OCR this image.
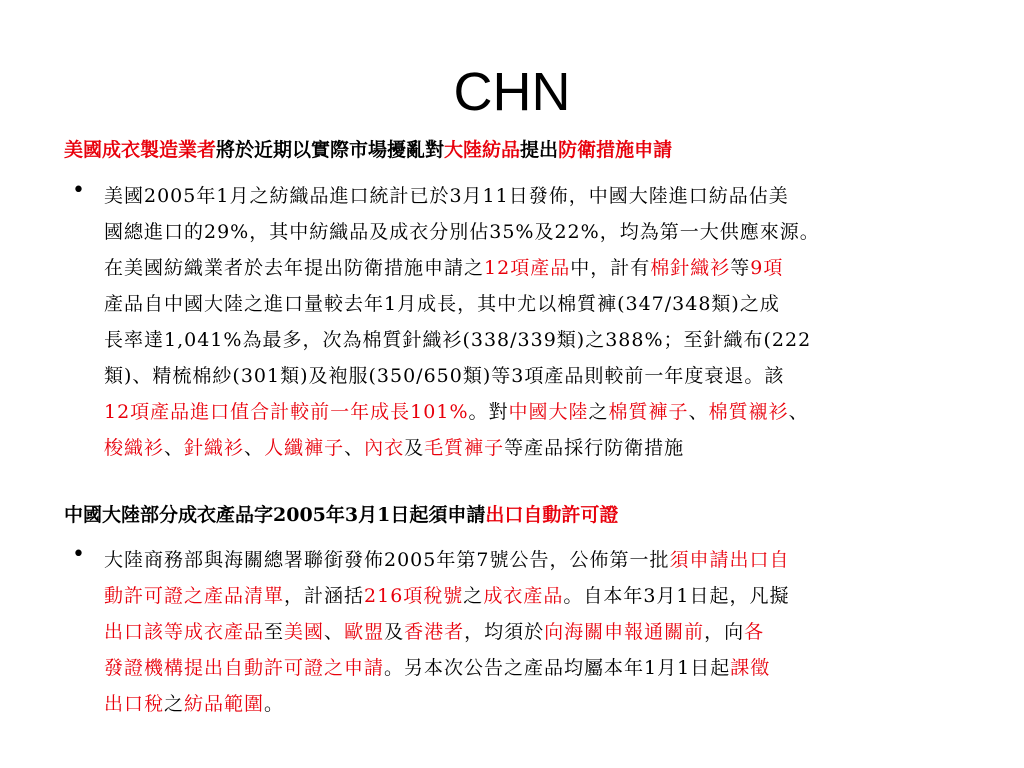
CHN
美國成衣製造業者將於近期以實際市場擾亂對大陸紡品提出防衛措施申請
• 美國2005年1月之紡織品進口統計已於3月11日發佈，中國大陸進口紡品佔美
國總進口的29%，其中紡織品及成衣分別佔35%及22%，均為第一大供應來源。
在美國紡織業者於去年提出防衛措施申請之12項產品中，計有棉針織衫等9項
產品自中國大陸之進口量較去年1月成長，其中尤以棉質褲(347/348類)之成
長率達1,041%為最多，次為棉質針織衫(338/339類)之388%；至針織布(222
類)、精梳棉紗(301類)及袍服(350/650類)等3項產品則較前一年度衰退。該
12項產品進口值合計較前一年成長101%。對中國大陸之棉質褲子、棉質襯衫、
梭織衫、針織衫、人纖褲子、內衣及毛質褲子等產品採行防衛措施
中國大陸部分成衣產品字2005年3月1日起須申請出口自動許可證
• 大陸商務部與海關總署聯銜發佈2005年第7號公告，公佈第一批須申請出口自
動許可證之產品清單，計涵括216項稅號之成衣產品。自本年3月1日起，凡擬
出口該等成衣產品至美國、歐盟及香港者，均須於向海關申報通關前，向各
發證機構提出自動許可證之申請。另本次公告之產品均屬本年1月1日起課徵
出口稅之紡品範圍。
